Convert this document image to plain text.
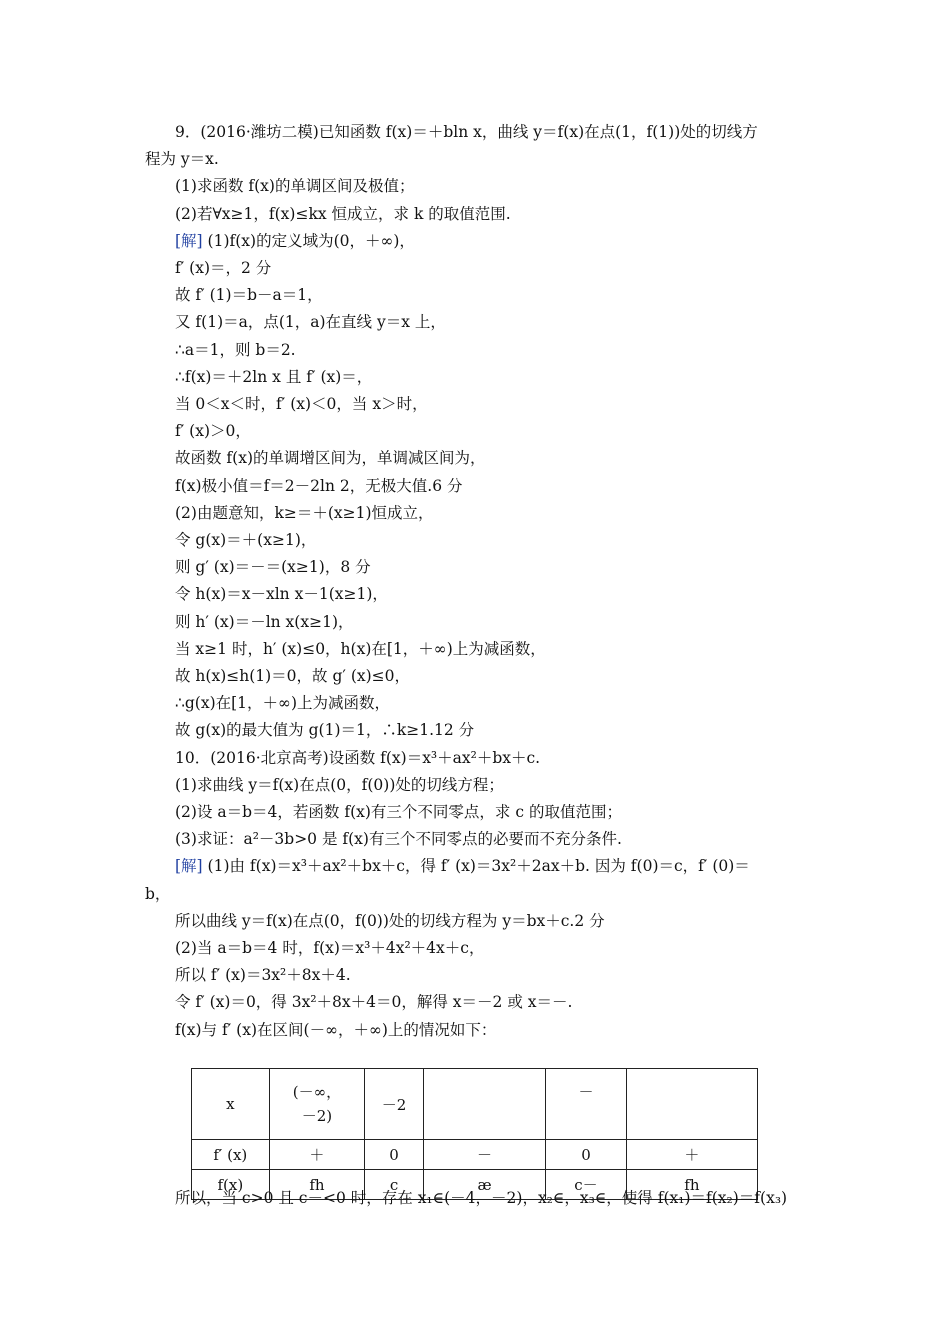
9．(2016·潍坊二模)已知函数 f(x)＝＋bln x，曲线 y＝f(x)在点(1，f(1))处的切线方
程为 y＝x.
(1)求函数 f(x)的单调区间及极值；
(2)若∀x≥1，f(x)≤kx 恒成立，求 k 的取值范围.
[解] (1)f(x)的定义域为(0，＋∞)，
f′ (x)＝，2 分
故 f′ (1)＝b－a＝1，
又 f(1)＝a，点(1，a)在直线 y＝x 上，
∴a＝1，则 b＝2.
∴f(x)＝＋2ln x 且 f′ (x)＝，
当 0＜x＜时，f′ (x)＜0，当 x＞时，
f′ (x)＞0，
故函数 f(x)的单调增区间为，单调减区间为，
f(x)极小值＝f＝2－2ln 2，无极大值.6 分
(2)由题意知，k≥＝＋(x≥1)恒成立，
令 g(x)＝＋(x≥1)，
则 g′ (x)＝－＝(x≥1)，8 分
令 h(x)＝x－xln x－1(x≥1)，
则 h′ (x)＝－ln x(x≥1)，
当 x≥1 时，h′ (x)≤0，h(x)在[1，＋∞)上为减函数，
故 h(x)≤h(1)＝0，故 g′ (x)≤0，
∴g(x)在[1，＋∞)上为减函数，
故 g(x)的最大值为 g(1)＝1，∴k≥1.12 分
10．(2016·北京高考)设函数 f(x)＝x³＋ax²＋bx＋c.
(1)求曲线 y＝f(x)在点(0，f(0))处的切线方程；
(2)设 a＝b＝4，若函数 f(x)有三个不同零点，求 c 的取值范围；
(3)求证：a²－3b>0 是 f(x)有三个不同零点的必要而不充分条件.
[解] (1)由 f(x)＝x³＋ax²＋bx＋c，得 f′ (x)＝3x²＋2ax＋b. 因为 f(0)＝c，f′ (0)＝
b，
所以曲线 y＝f(x)在点(0，f(0))处的切线方程为 y＝bx＋c.2 分
(2)当 a＝b＝4 时，f(x)＝x³＋4x²＋4x＋c，
所以 f′ (x)＝3x²＋8x＋4.
令 f′ (x)＝0，得 3x²＋8x＋4＝0，解得 x＝－2 或 x＝－.
f(x)与 f′ (x)在区间(－∞，＋∞)上的情况如下：
x	(－∞，
－2)	－2		－	
f′ (x)	＋	0	－	0	＋
f(x)	fh	c	æ	c－	fh
所以，当 c>0 且 c－<0 时，存在 x₁∈(－4，－2)，x₂∈，x₃∈，使得 f(x₁)＝f(x₂)＝f(x₃)
